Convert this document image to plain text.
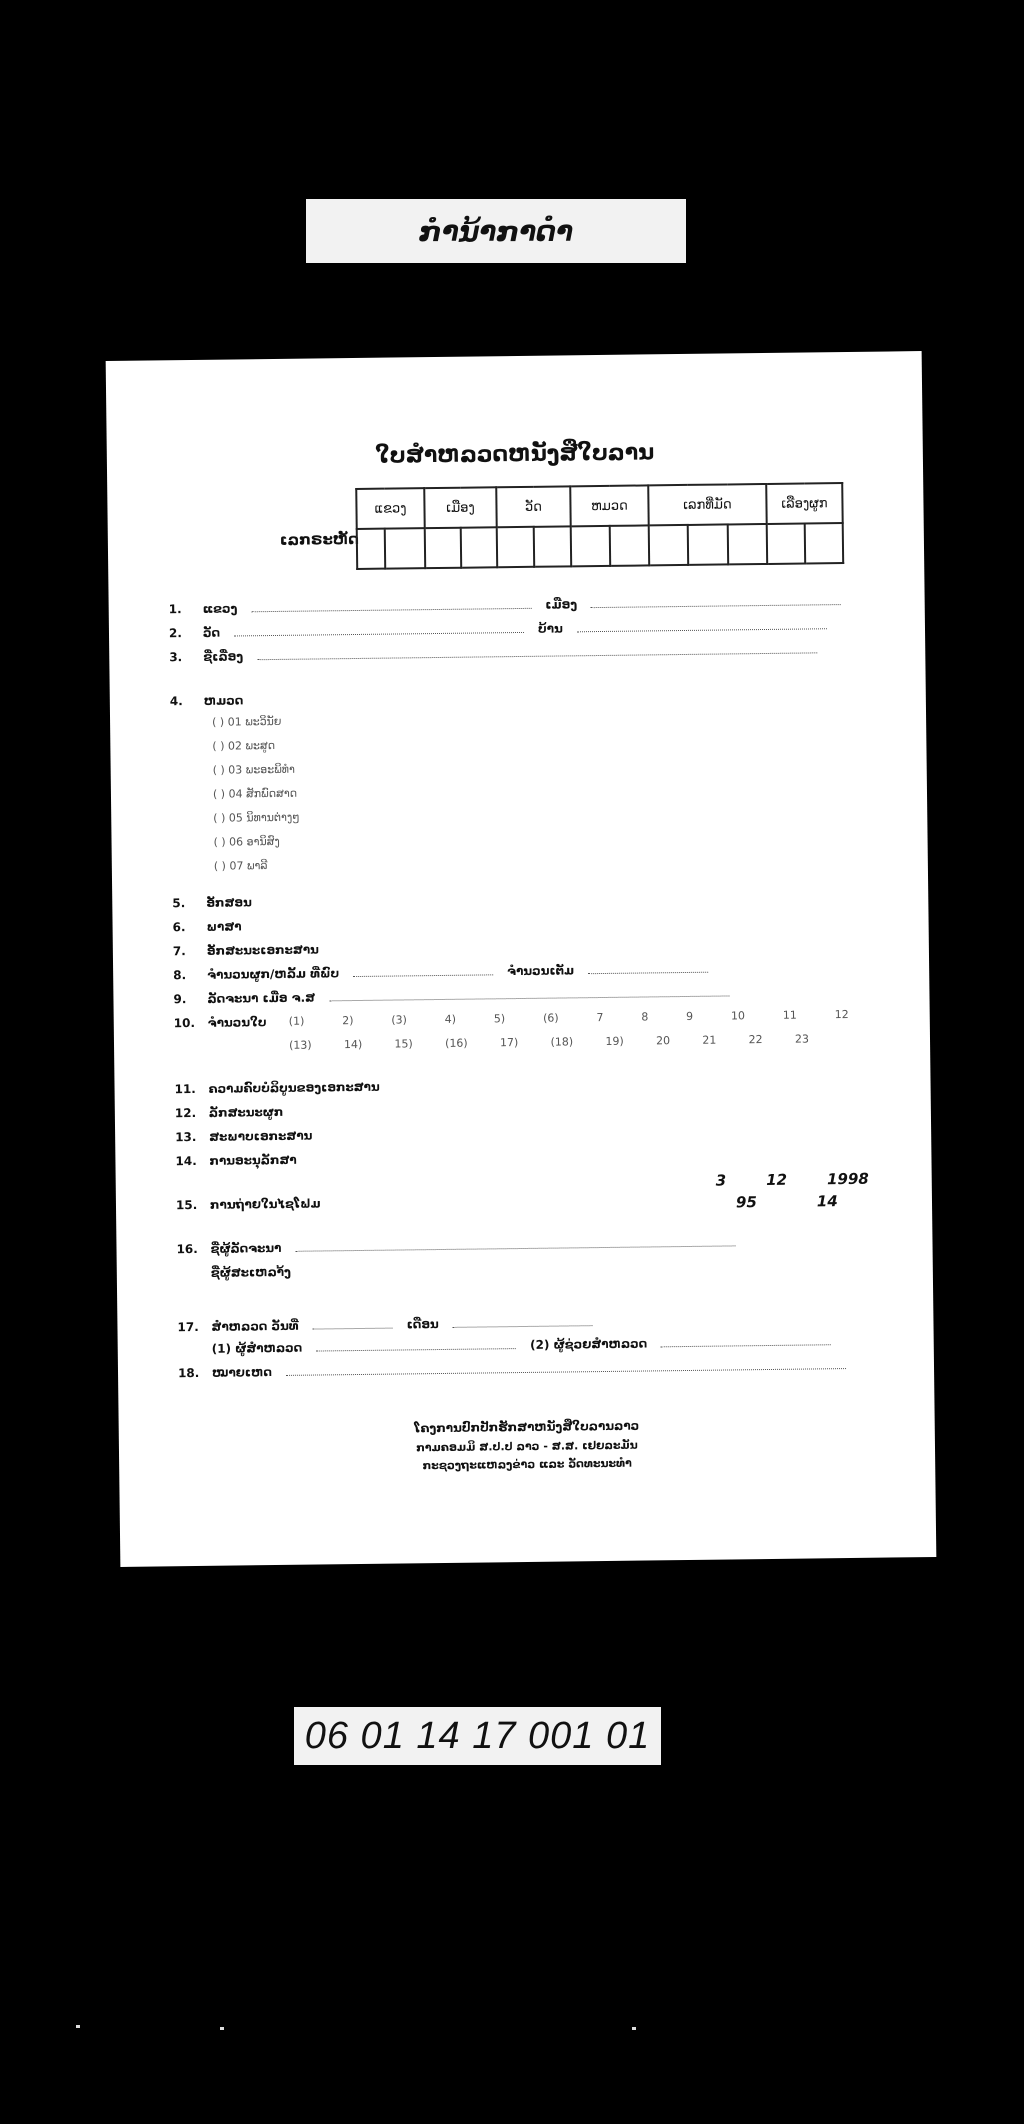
ກຳນ້າກາດຳ
ໃບສຳຫລວດຫນັງສືໃບລານ
ເລກຣະຫັດ
ແຂວງ		ເມືອງ		ວັດ		ຫມວດ		ເລກທີ່ມັດ			ເລືອງຜູກ	

1.	ແຂວງ	ເມືອງ
2.	ວັດ	ບ້ານ
3.	ຊື່ເລື່ອງ
4.	ຫມວດ
( ) 01 ພະວິນັຍ
( ) 02 ພະສູດ
( ) 03 ພະອະພິທຳ
( ) 04 ສັກພົດສາດ
( ) 05 ນິທານຕ່າງໆ
( ) 06 ອານິສົງ
( ) 07 ພາລີ
5.	ອັກສອນ
6.	ພາສາ
7.	ອັກສະນະເອກະສານ
8.	ຈຳນວນຜູກ/ຫລັ້ມ ທີ່ພົບ	ຈຳນວນເຕັມ
9.	ລັດຈະນາ ເມື່ອ ຈ.ສ
10. ຈຳນວນໃບ (1)	2)	(3)	4)	5)	(6)	7	8	9	10	11	12
(13)	14)	15)	(16)	17)	(18)	19)	20	21	22	23
11. ຄວາມຄົບບໍລິບູນຂອງເອກະສານ
12. ລັກສະນະຜູກ
13. ສະພາບເອກະສານ
14. ການອະນຸລັກສາ
15. ການຖ່າຍໃນໄຊໂຟມ
3	12	1998
95	14
16. ຊື່ຜູ້ລັດຈະນາ
ຊື່ຜູ້ສະເຫລາ້ງ
17. ສຳຫລວດ ວັນທີ່	ເດືອນ
(1) ຜູ້ສຳຫລວດ	(2) ຜູ້ຊ່ວຍສຳຫລວດ
18. ໝາຍເຫດ
ໂຄງການປົກປັກຮັກສາຫນັງສືໃບລານລາວ
ກາມຄອມມິ ສ.ປ.ປ ລາວ - ສ.ສ. ເຢຍລະມັນ
ກະຊວງຖະແຫລງຂ່າວ ແລະ ວັດທະນະທຳ
06 01 14 17 001 01
